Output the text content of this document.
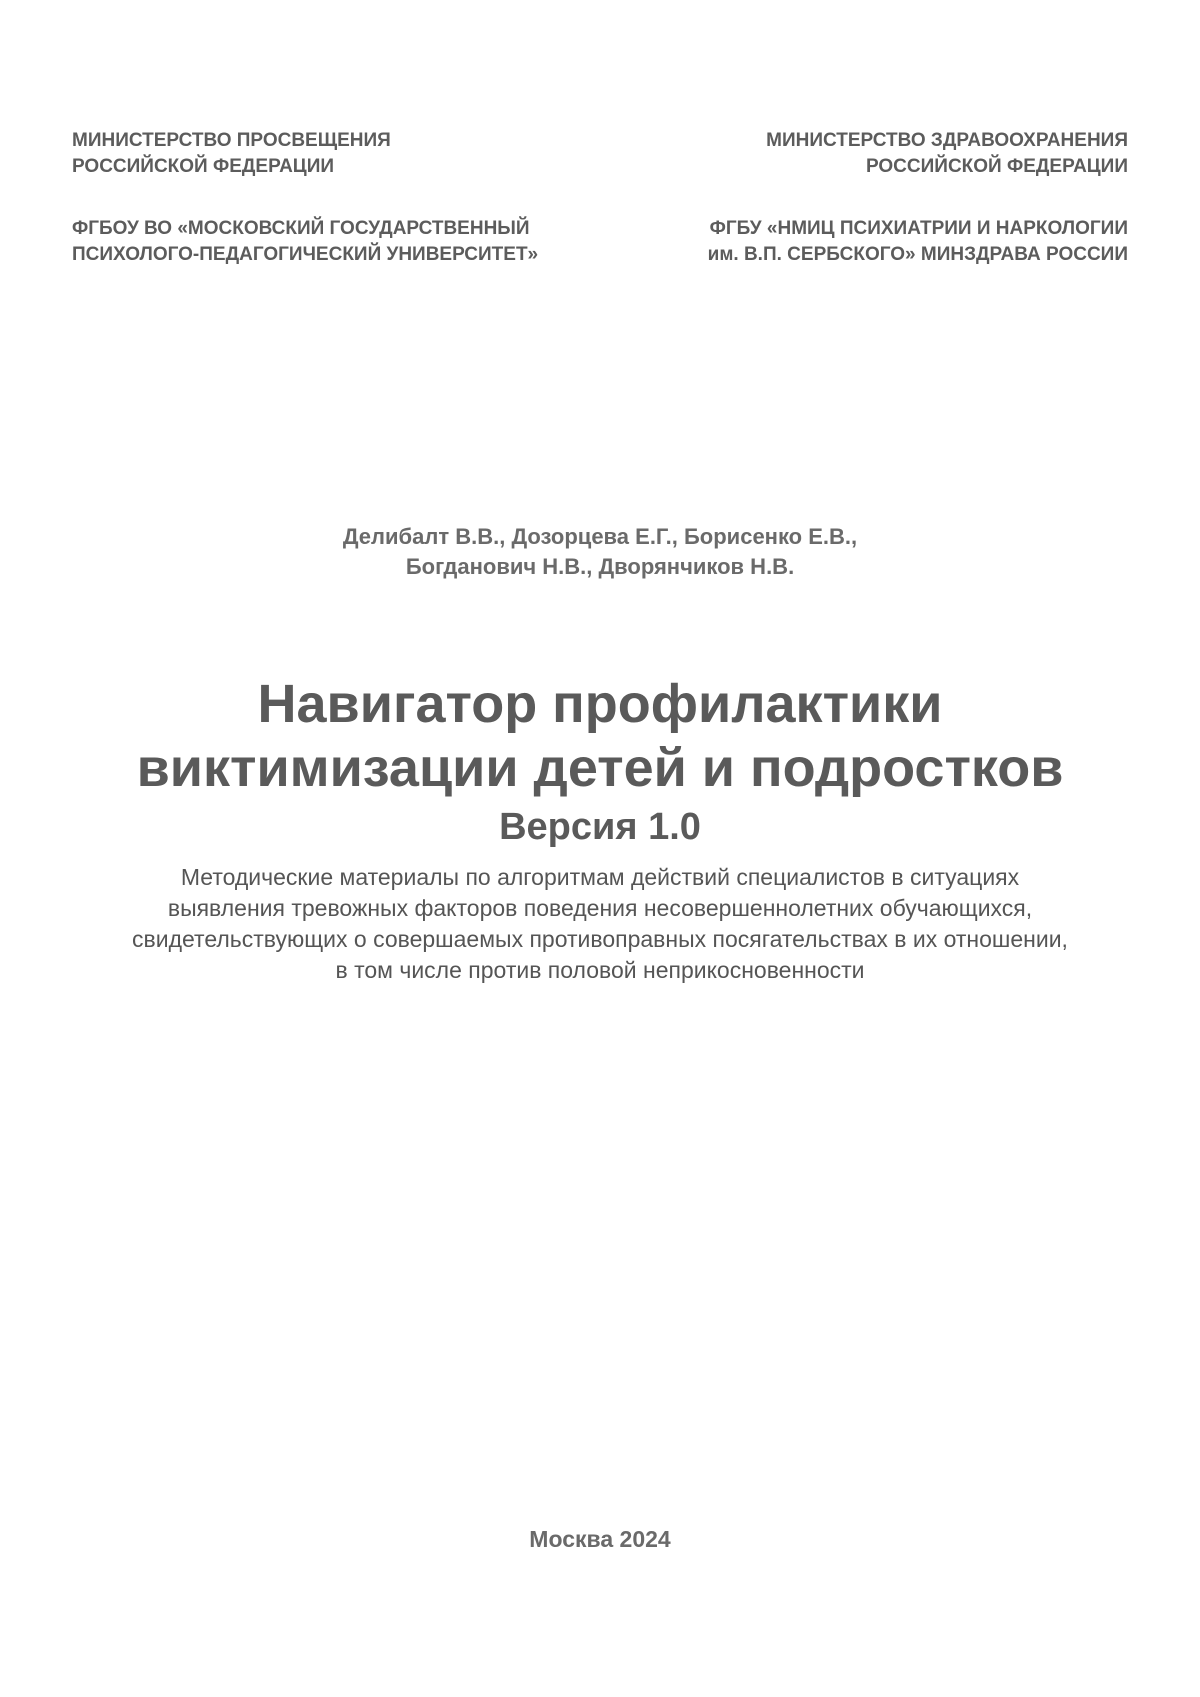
МИНИСТЕРСТВО ПРОСВЕЩЕНИЯ
РОССИЙСКОЙ ФЕДЕРАЦИИ
ФГБОУ ВО «МОСКОВСКИЙ ГОСУДАРСТВЕННЫЙ
ПСИХОЛОГО-ПЕДАГОГИЧЕСКИЙ УНИВЕРСИТЕТ»
МИНИСТЕРСТВО ЗДРАВООХРАНЕНИЯ
РОССИЙСКОЙ ФЕДЕРАЦИИ
ФГБУ «НМИЦ ПСИХИАТРИИ И НАРКОЛОГИИ
им. В.П. СЕРБСКОГО» МИНЗДРАВА РОССИИ
Делибалт В.В., Дозорцева Е.Г., Борисенко Е.В.,
Богданович Н.В., Дворянчиков Н.В.
Навигатор профилактики
виктимизации детей и подростков
Версия 1.0
Методические материалы по алгоритмам действий специалистов в ситуациях
выявления тревожных факторов поведения несовершеннолетних обучающихся,
свидетельствующих о совершаемых противоправных посягательствах в их отношении,
в том числе против половой неприкосновенности
Москва 2024
